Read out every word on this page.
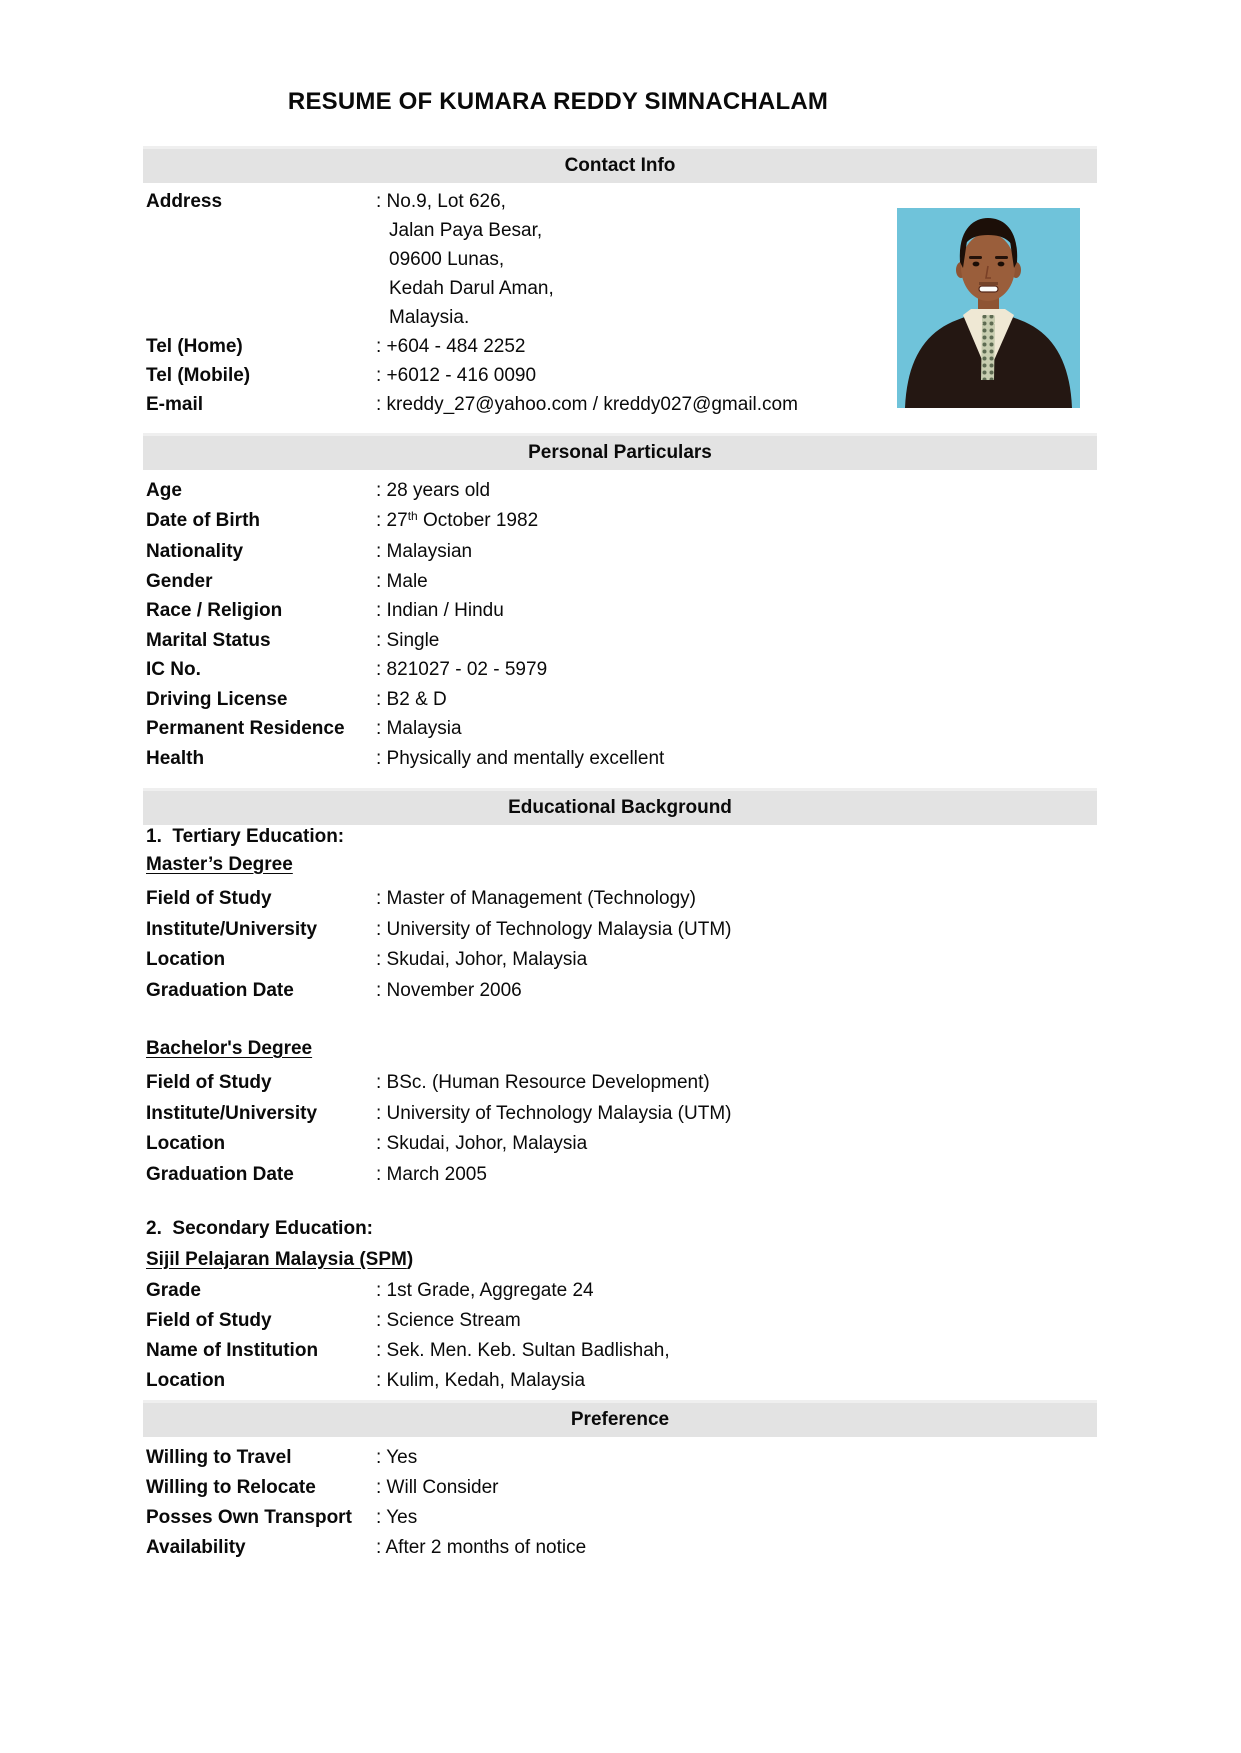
RESUME OF KUMARA REDDY SIMNACHALAM
Contact Info
Address	: No.9, Lot 626,
Jalan Paya Besar,
09600 Lunas,
Kedah Darul Aman,
Malaysia.
Tel (Home)	: +604 - 484 2252
Tel (Mobile)	: +6012 - 416 0090
E-mail	: kreddy_27@yahoo.com / kreddy027@gmail.com
Personal Particulars
Age	: 28 years old
Date of Birth	: 27th October 1982
Nationality	: Malaysian
Gender	: Male
Race / Religion	: Indian / Hindu
Marital Status	: Single
IC No.	: 821027 - 02 - 5979
Driving License	: B2 & D
Permanent Residence	: Malaysia
Health	: Physically and mentally excellent
Educational Background
1.  Tertiary Education:
Master’s Degree
Field of Study	: Master of Management (Technology)
Institute/University	: University of Technology Malaysia (UTM)
Location	: Skudai, Johor, Malaysia
Graduation Date	: November 2006
Bachelor's Degree
Field of Study	: BSc. (Human Resource Development)
Institute/University	: University of Technology Malaysia (UTM)
Location	: Skudai, Johor, Malaysia
Graduation Date	: March 2005
2.  Secondary Education:
Sijil Pelajaran Malaysia (SPM)
Grade	: 1st Grade, Aggregate 24
Field of Study	: Science Stream
Name of Institution	: Sek. Men. Keb. Sultan Badlishah,
Location	: Kulim, Kedah, Malaysia
Preference
Willing to Travel	: Yes
Willing to Relocate	: Will Consider
Posses Own Transport	: Yes
Availability	: After 2 months of notice
